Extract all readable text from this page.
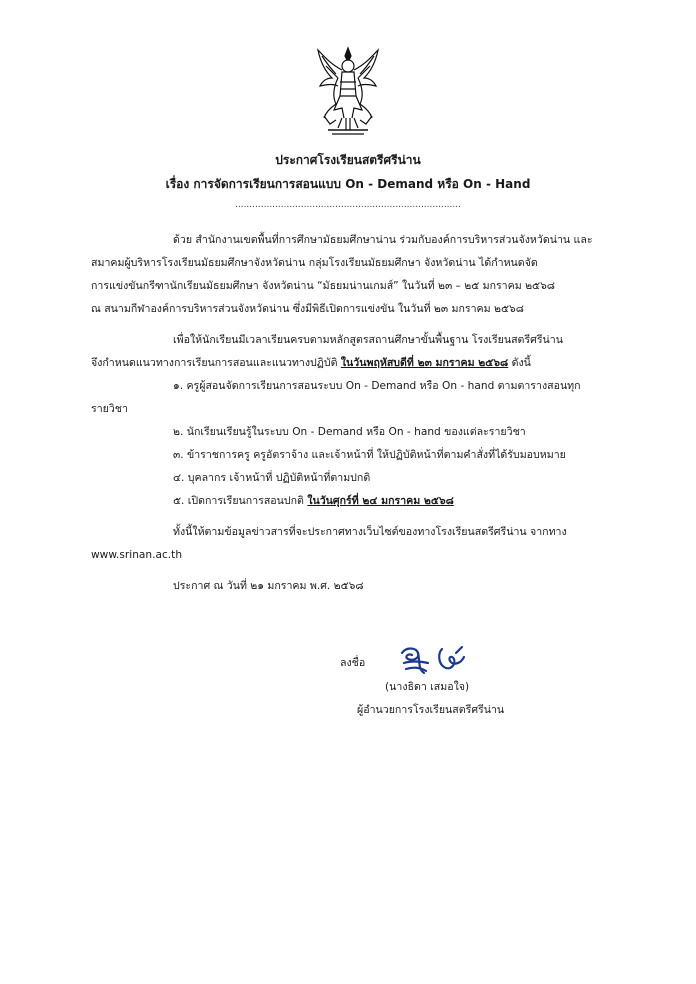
ประกาศโรงเรียนสตรีศรีน่าน
เรื่อง การจัดการเรียนการสอนแบบ On - Demand หรือ On - Hand
...............................................................................
ด้วย สำนักงานเขตพื้นที่การศึกษามัธยมศึกษาน่าน ร่วมกับองค์การบริหารส่วนจังหวัดน่าน และ
สมาคมผู้บริหารโรงเรียนมัธยมศึกษาจังหวัดน่าน กลุ่มโรงเรียนมัธยมศึกษา จังหวัดน่าน ได้กำหนดจัด
การแข่งขันกรีฑานักเรียนมัธยมศึกษา จังหวัดน่าน “มัธยมน่านเกมส์” ในวันที่ ๒๓ – ๒๕ มกราคม ๒๕๖๘
ณ สนามกีฬาองค์การบริหารส่วนจังหวัดน่าน ซึ่งมีพิธีเปิดการแข่งขัน ในวันที่ ๒๓ มกราคม ๒๕๖๘
เพื่อให้นักเรียนมีเวลาเรียนครบตามหลักสูตรสถานศึกษาขั้นพื้นฐาน โรงเรียนสตรีศรีน่าน
จึงกำหนดแนวทางการเรียนการสอนและแนวทางปฏิบัติ ในวันพฤหัสบดีที่ ๒๓ มกราคม ๒๕๖๘ ดังนี้
๑. ครูผู้สอนจัดการเรียนการสอนระบบ On - Demand หรือ On - hand ตามตารางสอนทุก
รายวิชา
๒. นักเรียนเรียนรู้ในระบบ On - Demand หรือ On - hand ของแต่ละรายวิชา
๓. ข้าราชการครู ครูอัตราจ้าง และเจ้าหน้าที่ ให้ปฏิบัติหน้าที่ตามคำสั่งที่ได้รับมอบหมาย
๔. บุคลากร เจ้าหน้าที่ ปฏิบัติหน้าที่ตามปกติ
๕. เปิดการเรียนการสอนปกติ ในวันศุกร์ที่ ๒๔ มกราคม ๒๕๖๘
ทั้งนี้ให้ตามข้อมูลข่าวสารที่จะประกาศทางเว็บไซต์ของทางโรงเรียนสตรีศรีน่าน จากทาง
www.srinan.ac.th
ประกาศ ณ วันที่ ๒๑ มกราคม พ.ศ. ๒๕๖๘
ลงชื่อ
(นางธิดา เสมอใจ)
ผู้อำนวยการโรงเรียนสตรีศรีน่าน
